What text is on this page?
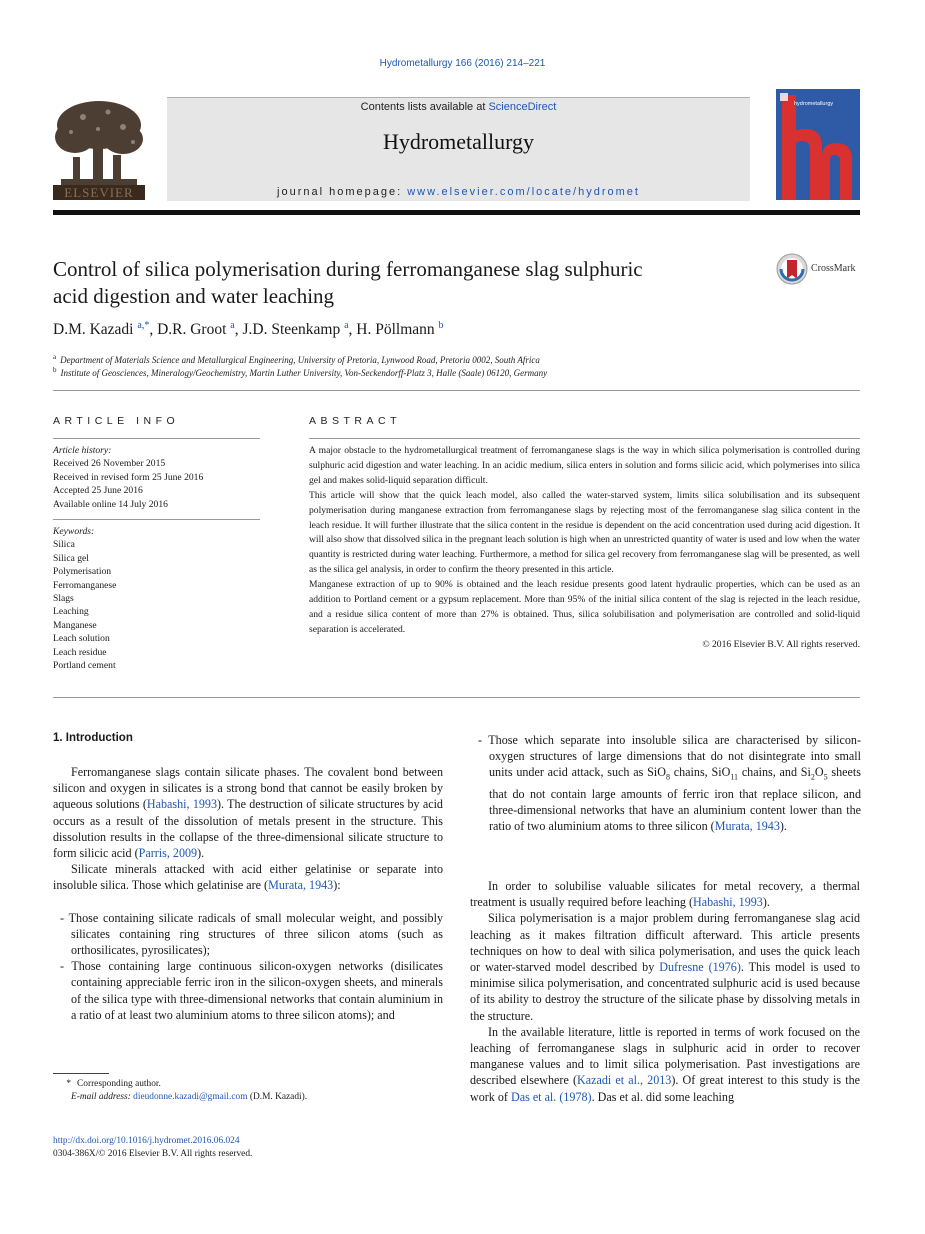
Hydrometallurgy 166 (2016) 214–221
ELSEVIER
Contents lists available at ScienceDirect
Hydrometallurgy
journal homepage: www.elsevier.com/locate/hydromet
hydrometallurgy
Control of silica polymerisation during ferromanganese slag sulphuric
acid digestion and water leaching
CrossMark
D.M. Kazadi $^{a,*}$, D.R. Groot $^a$, J.D. Steenkamp $^a$, H. Pöllmann $^b$
$^a$ Department of Materials Science and Metallurgical Engineering, University of Pretoria, Lynwood Road, Pretoria 0002, South Africa
$^b$ Institute of Geosciences, Mineralogy/Geochemistry, Martin Luther University, Von-Seckendorff-Platz 3, Halle (Saale) 06120, Germany
ARTICLE INFO	ABSTRACT
Article history:
Received 26 November 2015
Received in revised form 25 June 2016
Accepted 25 June 2016
Available online 14 July 2016
Keywords:
Silica
Silica gel
Polymerisation
Ferromanganese
Slags
Leaching
Manganese
Leach solution
Leach residue
Portland cement

A major obstacle to the hydrometallurgical treatment of ferromanganese slags is the way in which silica polymerisation is controlled during sulphuric acid digestion and water leaching. In an acidic medium, silica enters in solution and forms silicic acid, which polymerises into silica gel and makes solid-liquid separation difficult.

This article will show that the quick leach model, also called the water-starved system, limits silica solubilisation and its subsequent polymerisation during manganese extraction from ferromanganese slags by rejecting most of the ferromanganese slag silica content in the leach residue. It will further illustrate that the silica content in the residue is dependent on the acid concentration used during acid digestion. It will also show that dissolved silica in the pregnant leach solution is high when an unrestricted quantity of water is used and low when the water quantity is restricted during water leaching. Furthermore, a method for silica gel recovery from ferromanganese slag will be presented, as well as the silica gel analysis, in order to confirm the theory presented in this article.

Manganese extraction of up to 90% is obtained and the leach residue presents good latent hydraulic properties, which can be used as an addition to Portland cement or a gypsum replacement. More than 95% of the initial silica content of the slag is rejected in the leach residue, and a residue silica content of more than 27% is obtained. Thus, silica solubilisation and polymerisation are controlled and solid-liquid separation is accelerated.

© 2016 Elsevier B.V. All rights reserved.

1. Introduction

Ferromanganese slags contain silicate phases. The covalent bond between silicon and oxygen in silicates is a strong bond that cannot be easily broken by aqueous solutions (Habashi, 1993). The destruction of silicate structures by acid occurs as a result of the dissolution of metals present in the structure. This dissolution results in the collapse of the three-dimensional silicate structure to form silicic acid (Parris, 2009).

Silicate minerals attacked with acid either gelatinise or separate into insoluble silica. Those which gelatinise are (Murata, 1943):

- Those containing silicate radicals of small molecular weight, and possibly silicates containing ring structures of three silicon atoms (such as orthosilicates, pyrosilicates);

- Those containing large continuous silicon-oxygen networks (disilicates containing appreciable ferric iron in the silicon-oxygen sheets, and minerals of the silica type with three-dimensional networks that contain aluminium in a ratio of at least two aluminium atoms to three silicon atoms); and

- Those which separate into insoluble silica are characterised by silicon-oxygen structures of large dimensions that do not disintegrate into small units under acid attack, such as SiO$_8$ chains, SiO$_{11}$ chains, and $Si_2O_5$ sheets that do not contain large amounts of ferric iron that replace silicon, and three-dimensional networks that have an aluminium content lower than the ratio of two aluminium atoms to three silicon (Murata, 1943).

In order to solubilise valuable silicates for metal recovery, a thermal treatment is usually required before leaching (Habashi, 1993).

Silica polymerisation is a major problem during ferromanganese slag acid leaching as it makes filtration difficult afterward. This article presents techniques on how to deal with silica polymerisation, and uses the quick leach or water-starved model described by Dufresne (1976). This model is used to minimise silica polymerisation, and concentrated sulphuric acid is used because of its ability to destroy the structure of the silicate phase by dissolving metals in the structure.

In the available literature, little is reported in terms of work focused on the leaching of ferromanganese slags in sulphuric acid in order to recover manganese values and to limit silica polymerisation. Past investigations are described elsewhere (Kazadi et al., 2013). Of great interest to this study is the work of Das et al. (1978). Das et al. did some leaching

* Corresponding author.
E-mail address: dieudonne.kazadi@gmail.com (D.M. Kazadi).
http://dx.doi.org/10.1016/j.hydromet.2016.06.024
0304-386X/© 2016 Elsevier B.V. All rights reserved.
